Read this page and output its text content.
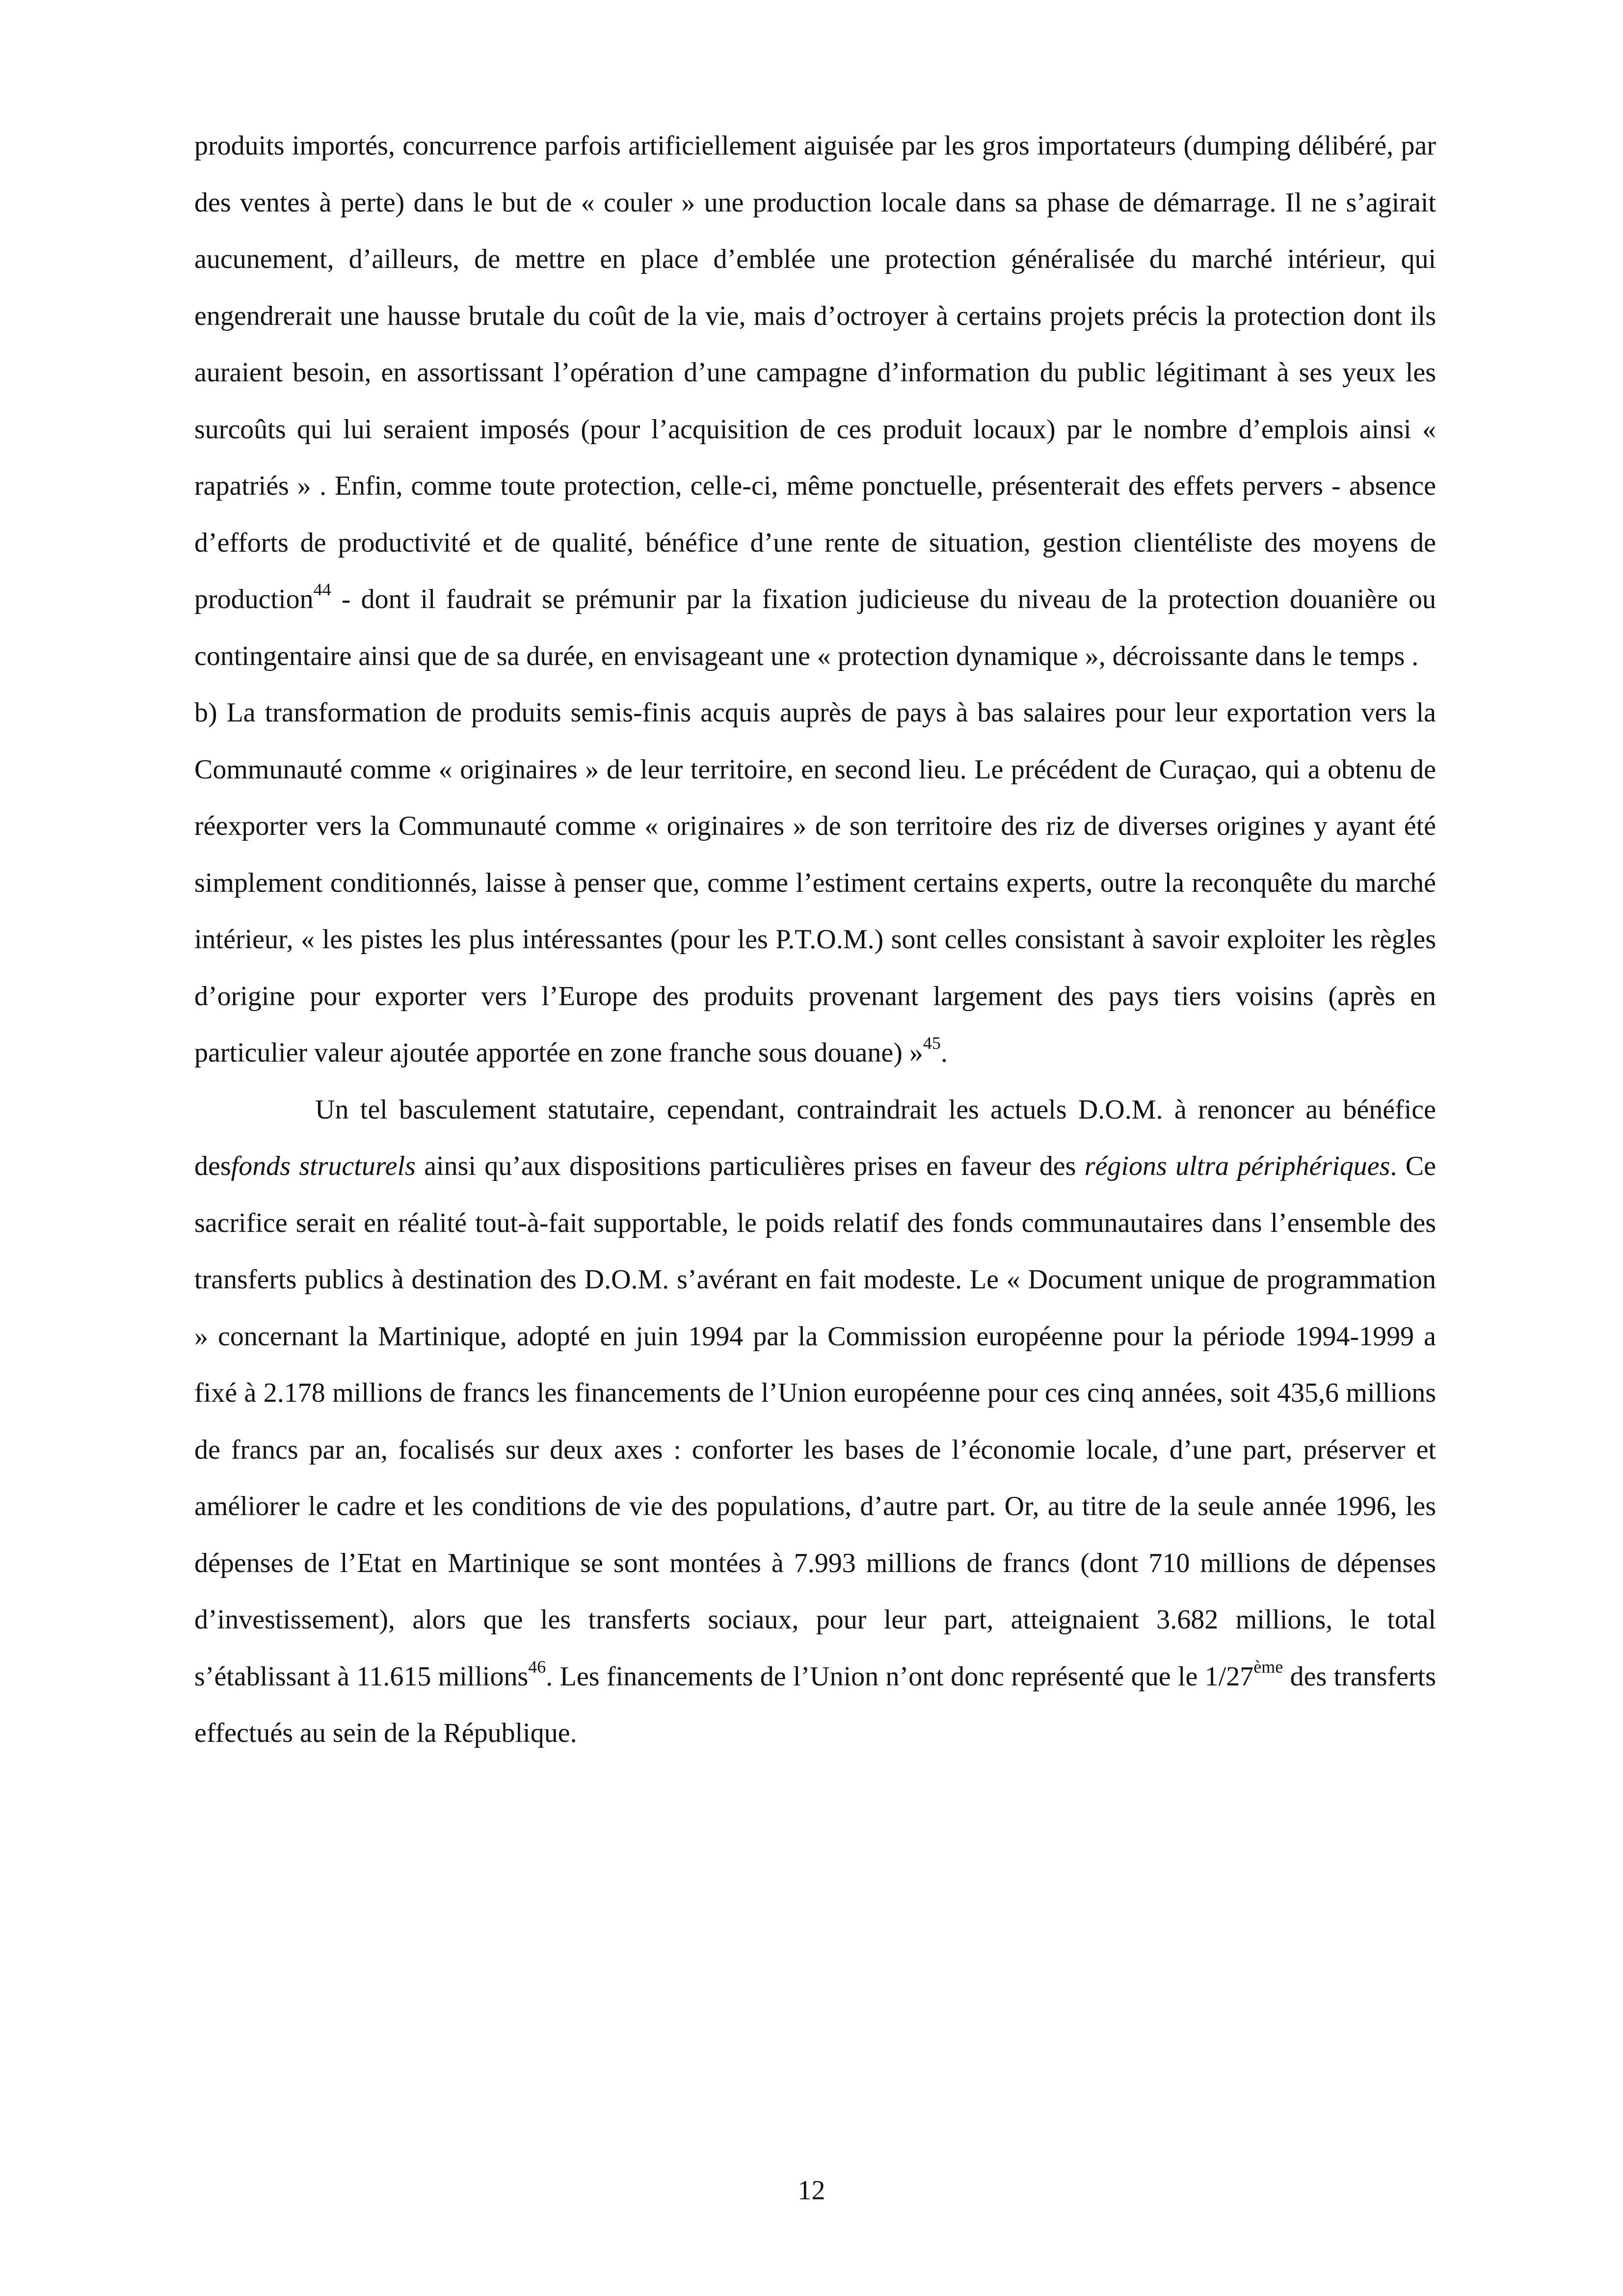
produits importés, concurrence parfois artificiellement aiguisée par les gros importateurs (dumping délibéré, par des ventes à perte) dans le but de « couler » une production locale dans sa phase de démarrage. Il ne s’agirait aucunement, d’ailleurs, de mettre en place d’emblée une protection généralisée du marché intérieur, qui engendrerait une hausse brutale du coût de la vie, mais d’octroyer à certains projets précis la protection dont ils auraient besoin, en assortissant l’opération d’une campagne d’information du public légitimant à ses yeux les surcoûts qui lui seraient imposés (pour l’acquisition de ces produit locaux) par le nombre d’emplois ainsi « rapatriés » . Enfin, comme toute protection, celle-ci, même ponctuelle, présenterait des effets pervers - absence d’efforts de productivité et de qualité, bénéfice d’une rente de situation, gestion clientéliste des moyens de production$^{44}$ - dont il faudrait se prémunir par la fixation judicieuse du niveau de la protection douanière ou contingentaire ainsi que de sa durée, en envisageant une « protection dynamique », décroissante dans le temps .

b) La transformation de produits semis-finis acquis auprès de pays à bas salaires pour leur exportation vers la Communauté comme « originaires » de leur territoire, en second lieu. Le précédent de Curaçao, qui a obtenu de réexporter vers la Communauté comme « originaires » de son territoire des riz de diverses origines y ayant été simplement conditionnés, laisse à penser que, comme l’estiment certains experts, outre la reconquête du marché intérieur, « les pistes les plus intéressantes (pour les P.T.O.M.) sont celles consistant à savoir exploiter les règles d’origine pour exporter vers l’Europe des produits provenant largement des pays tiers voisins (après en particulier valeur ajoutée apportée en zone franche sous douane) »$^{45}$.

Un tel basculement statutaire, cependant, contraindrait les actuels D.O.M. à renoncer au bénéfice desfonds structurels ainsi qu’aux dispositions particulières prises en faveur des régions ultra périphériques. Ce sacrifice serait en réalité tout-à-fait supportable, le poids relatif des fonds communautaires dans l’ensemble des transferts publics à destination des D.O.M. s’avérant en fait modeste. Le « Document unique de programmation » concernant la Martinique, adopté en juin 1994 par la Commission européenne pour la période 1994-1999 a fixé à 2.178 millions de francs les financements de l’Union européenne pour ces cinq années, soit 435,6 millions de francs par an, focalisés sur deux axes : conforter les bases de l’économie locale, d’une part, préserver et améliorer le cadre et les conditions de vie des populations, d’autre part. Or, au titre de la seule année 1996, les dépenses de l’Etat en Martinique se sont montées à 7.993 millions de francs (dont 710 millions de dépenses d’investissement), alors que les transferts sociaux, pour leur part, atteignaient 3.682 millions, le total s’établissant à 11.615 millions$^{46}$. Les financements de l’Union n’ont donc représenté que le 1/27ème des transferts effectués au sein de la République.

12
